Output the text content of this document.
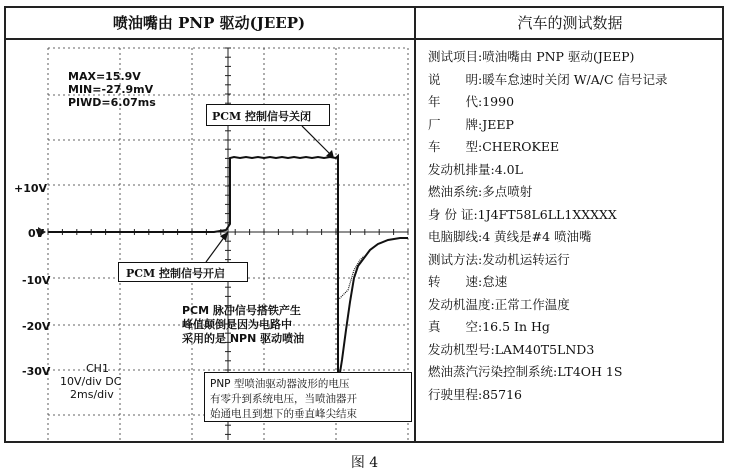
喷油嘴由 PNP 驱动(JEEP)	汽车的测试数据
MAX=15.9V
MIN=-27.9mV
PIWD=6.07ms
+10V
0V
-10V
-20V
-30V	CH1
10V/div DC
2ms/div
PCM 控制信号关闭
PCM 控制信号开启
PCM 脉冲信号搭铁产生
峰值颠倒是因为电路中
采用的是 NPN 驱动喷油
PNP 型喷油驱动器波形的电压
有零升到系统电压，当喷油器开
始通电且到想下的垂直峰尖结束
测试项目:喷油嘴由 PNP 驱动(JEEP)
说　　明:暖车怠速时关闭 W/A/C 信号记录
年　　代:1990
厂　　牌:JEEP
车　　型:CHEROKEE
发动机排量:4.0L
燃油系统:多点喷射
身 份 证:1J4FT58L6LL1XXXXX
电脑脚线:4 黄线是#4 喷油嘴
测试方法:发动机运转运行
转　　速:怠速
发动机温度:正常工作温度
真　　空:16.5 In Hg
发动机型号:LAM40T5LND3
燃油蒸汽污染控制系统:LT4OH 1S
行驶里程:85716
图 4
